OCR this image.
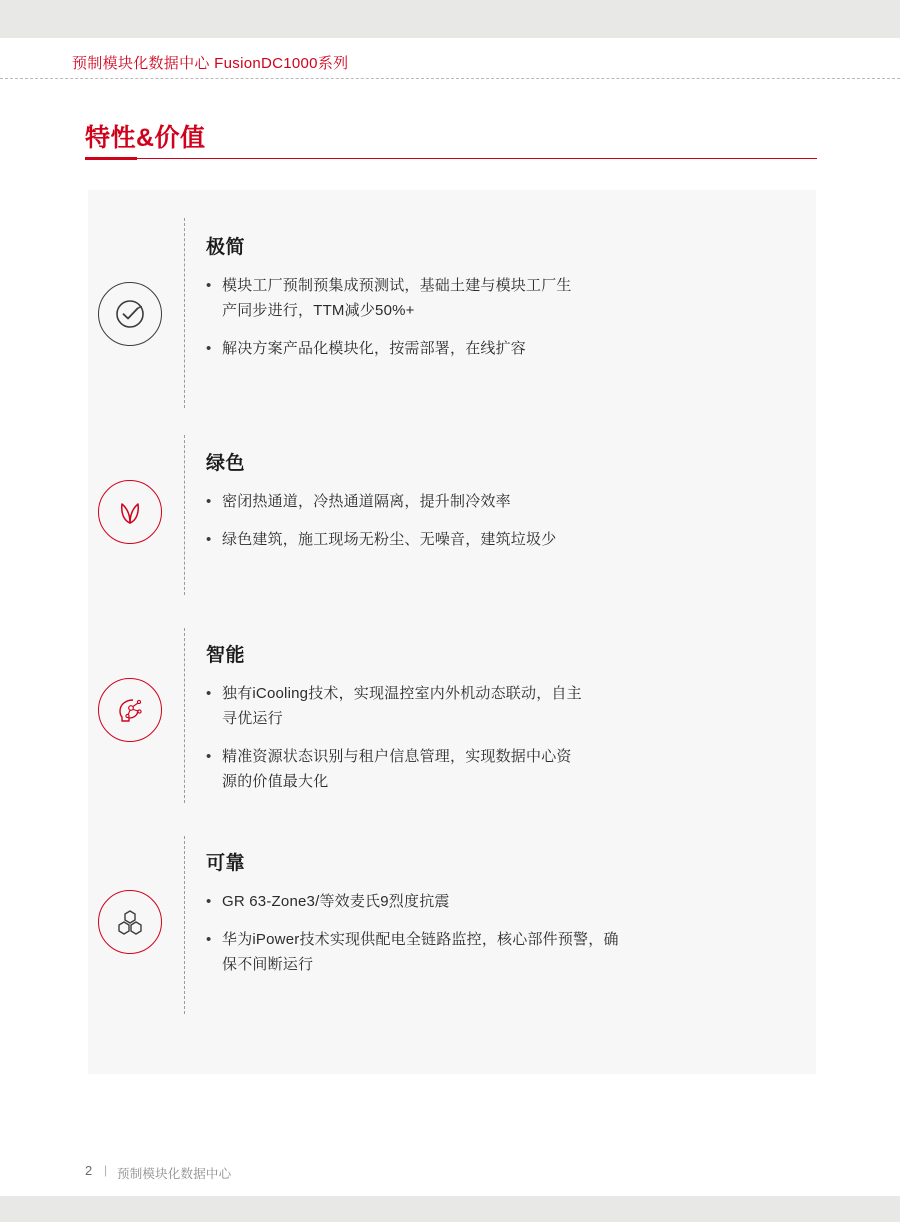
预制模块化数据中心 FusionDC1000系列
特性&价值
极简
• 模块工厂预制预集成预测试，基础土建与模块工厂生产同步进行，TTM减少50%+
• 解决方案产品化模块化，按需部署，在线扩容
绿色
• 密闭热通道，冷热通道隔离，提升制冷效率
• 绿色建筑，施工现场无粉尘、无噪音，建筑垃圾少
智能
• 独有iCooling技术，实现温控室内外机动态联动，自主寻优运行
• 精准资源状态识别与租户信息管理，实现数据中心资源的价值最大化
可靠
• GR 63-Zone3/等效麦氏9烈度抗震
• 华为iPower技术实现供配电全链路监控，核心部件预警，确保不间断运行
2 | 预制模块化数据中心
